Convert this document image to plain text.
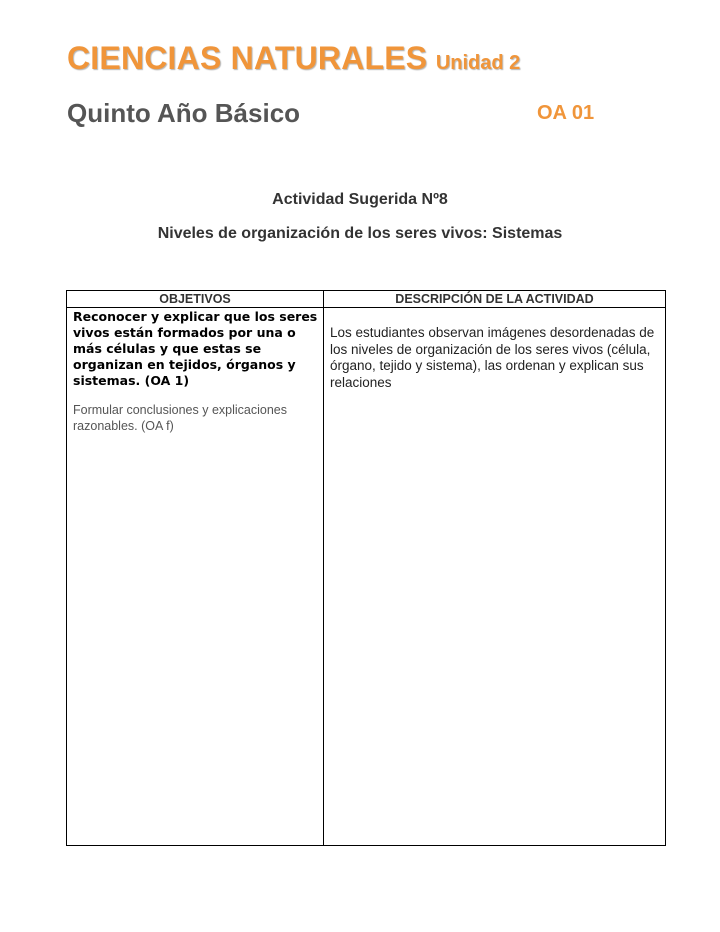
CIENCIAS NATURALES Unidad 2
Quinto Año Básico	OA 01
Actividad Sugerida Nº8
Niveles de organización de los seres vivos: Sistemas
OBJETIVOS	DESCRIPCIÓN DE LA ACTIVIDAD
Reconocer y explicar que los seres vivos están formados por una o más células y que estas se organizan en tejidos, órganos y sistemas. (OA 1)
Formular conclusiones y explicaciones razonables. (OA f)
Los estudiantes observan imágenes desordenadas de los niveles de organización de los seres vivos (célula, órgano, tejido y sistema), las ordenan y explican sus relaciones
